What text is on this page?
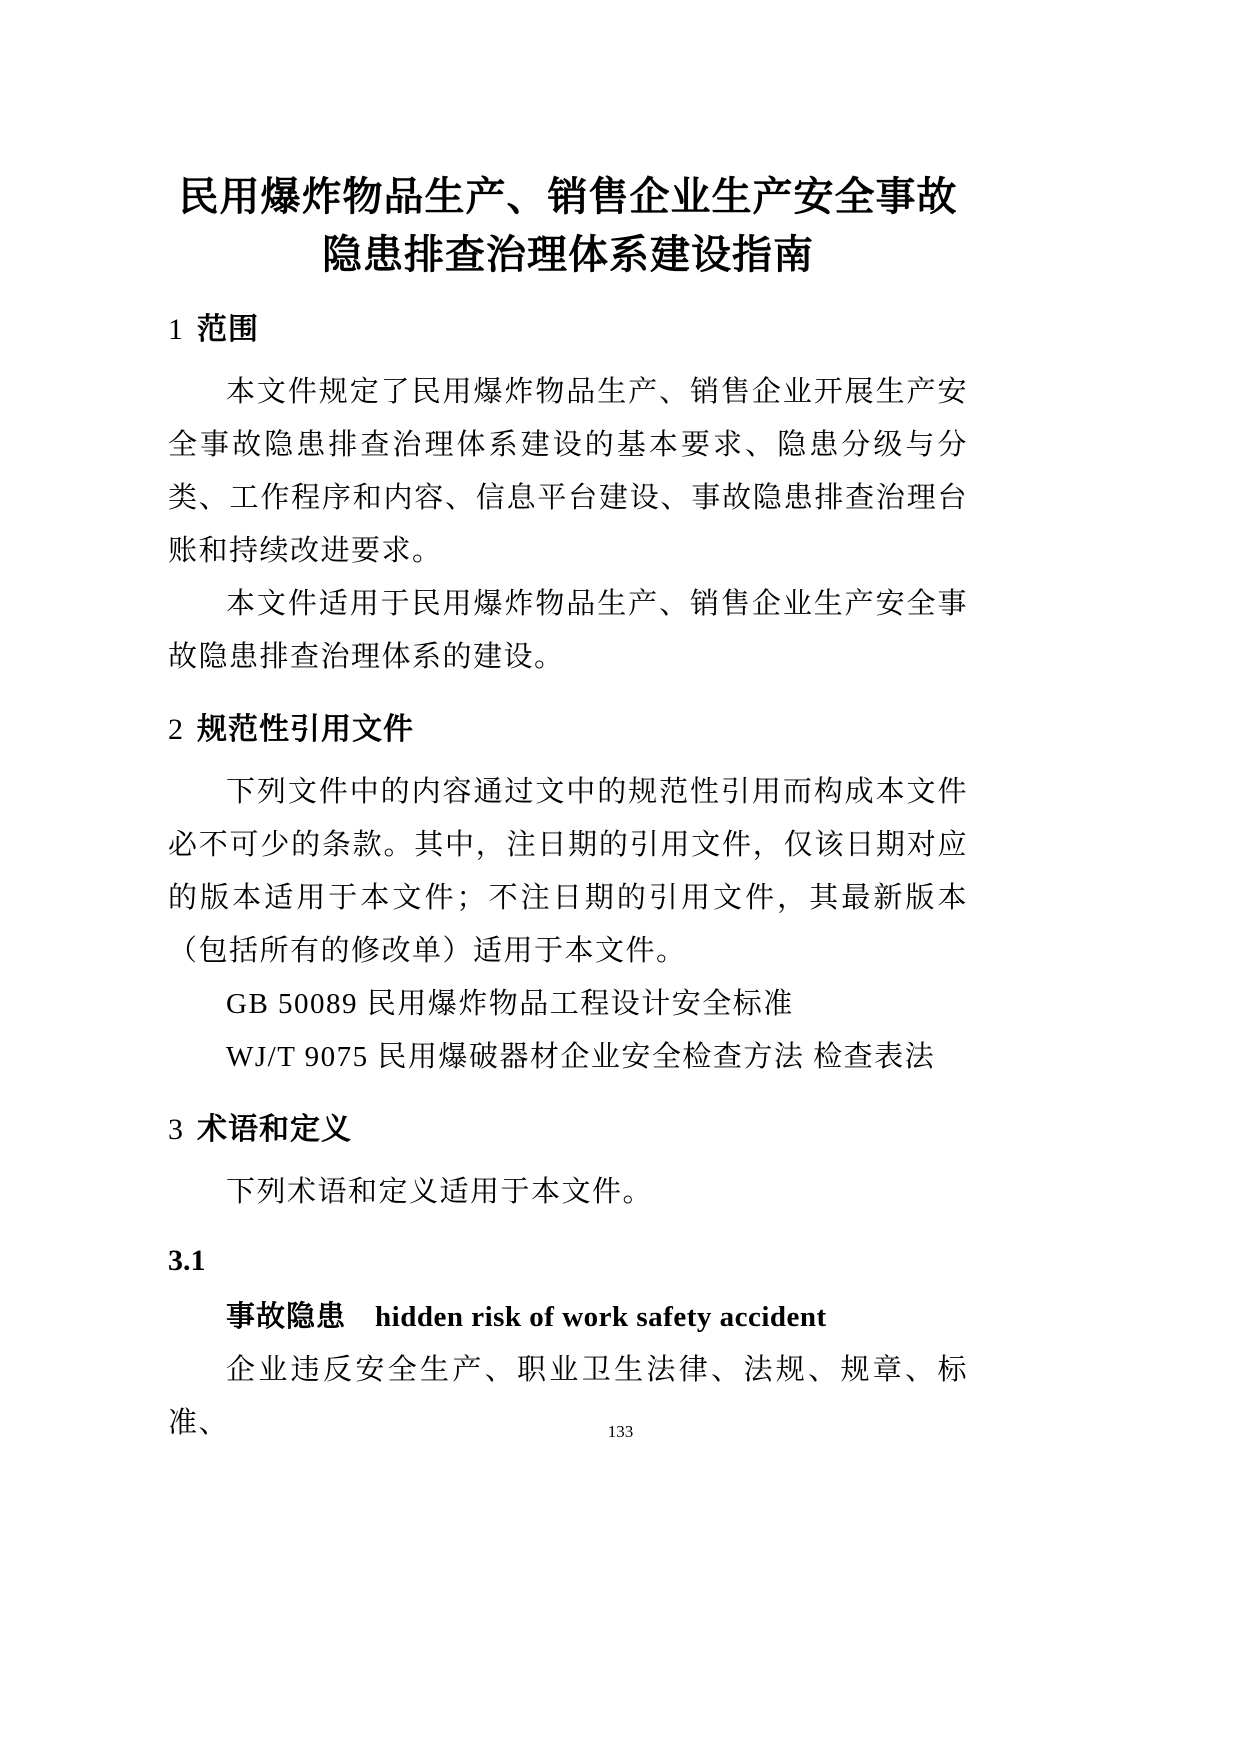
民用爆炸物品生产、销售企业生产安全事故
隐患排查治理体系建设指南
1 范围

本文件规定了民用爆炸物品生产、销售企业开展生产安全事故隐患排查治理体系建设的基本要求、隐患分级与分类、工作程序和内容、信息平台建设、事故隐患排查治理台账和持续改进要求。

本文件适用于民用爆炸物品生产、销售企业生产安全事故隐患排查治理体系的建设。

2 规范性引用文件

下列文件中的内容通过文中的规范性引用而构成本文件必不可少的条款。其中，注日期的引用文件，仅该日期对应的版本适用于本文件；不注日期的引用文件，其最新版本（包括所有的修改单）适用于本文件。

GB 50089 民用爆炸物品工程设计安全标准

WJ/T 9075 民用爆破器材企业安全检查方法 检查表法

3 术语和定义

下列术语和定义适用于本文件。

3.1

事故隐患 hidden risk of work safety accident

企业违反安全生产、职业卫生法律、法规、规章、标准、	133
